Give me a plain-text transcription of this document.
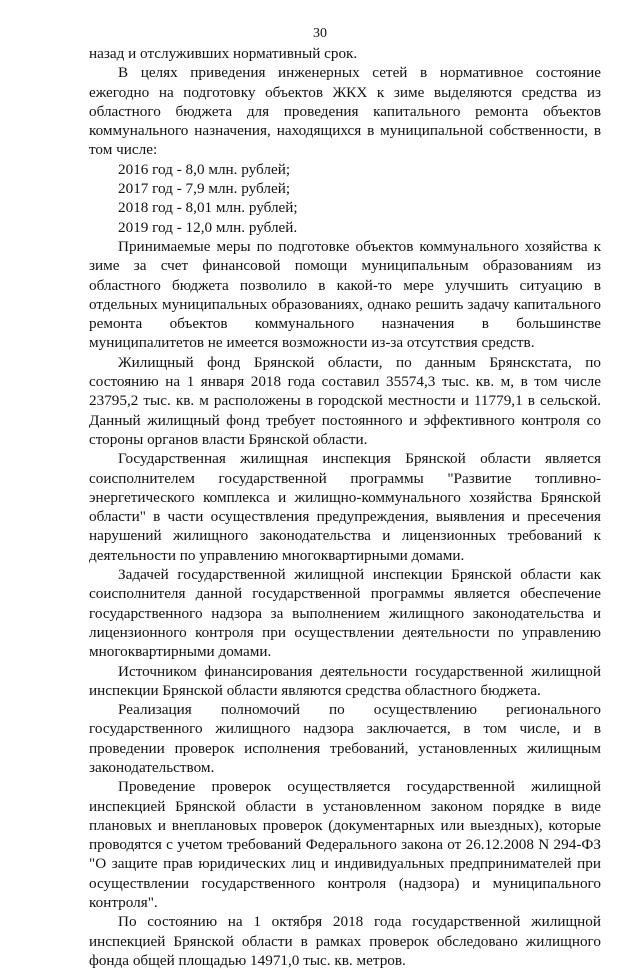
30

назад и отслуживших нормативный срок.

В целях приведения инженерных сетей в нормативное состояние ежегодно на подготовку объектов ЖКХ к зиме выделяются средства из областного бюджета для проведения капитального ремонта объектов коммунального назначения, находящихся в муниципальной собственности, в том числе:

2016 год - 8,0 млн. рублей;

2017 год - 7,9 млн. рублей;

2018 год - 8,01 млн. рублей;

2019 год - 12,0 млн. рублей.

Принимаемые меры по подготовке объектов коммунального хозяйства к зиме за счет финансовой помощи муниципальным образованиям из областного бюджета позволило в какой-то мере улучшить ситуацию в отдельных муниципальных образованиях, однако решить задачу капитального ремонта объектов коммунального назначения в большинстве муниципалитетов не имеется возможности из-за отсутствия средств.

Жилищный фонд Брянской области, по данным Брянскстата, по состоянию на 1 января 2018 года составил 35574,3 тыс. кв. м, в том числе 23795,2 тыс. кв. м расположены в городской местности и 11779,1 в сельской. Данный жилищный фонд требует постоянного и эффективного контроля со стороны органов власти Брянской области.

Государственная жилищная инспекция Брянской области является соисполнителем государственной программы "Развитие топливно-энергетического комплекса и жилищно-коммунального хозяйства Брянской области" в части осуществления предупреждения, выявления и пресечения нарушений жилищного законодательства и лицензионных требований к деятельности по управлению многоквартирными домами.

Задачей государственной жилищной инспекции Брянской области как соисполнителя данной государственной программы является обеспечение государственного надзора за выполнением жилищного законодательства и лицензионного контроля при осуществлении деятельности по управлению многоквартирными домами.

Источником финансирования деятельности государственной жилищной инспекции Брянской области являются средства областного бюджета.

Реализация полномочий по осуществлению регионального государственного жилищного надзора заключается, в том числе, и в проведении проверок исполнения требований, установленных жилищным законодательством.

Проведение проверок осуществляется государственной жилищной инспекцией Брянской области в установленном законом порядке в виде плановых и внеплановых проверок (документарных или выездных), которые проводятся с учетом требований Федерального закона от 26.12.2008 N 294-ФЗ "О защите прав юридических лиц и индивидуальных предпринимателей при осуществлении государственного контроля (надзора) и муниципального контроля".

По состоянию на 1 октября 2018 года государственной жилищной инспекцией Брянской области в рамках проверок обследовано жилищного фонда общей площадью 14971,0 тыс. кв. метров.
